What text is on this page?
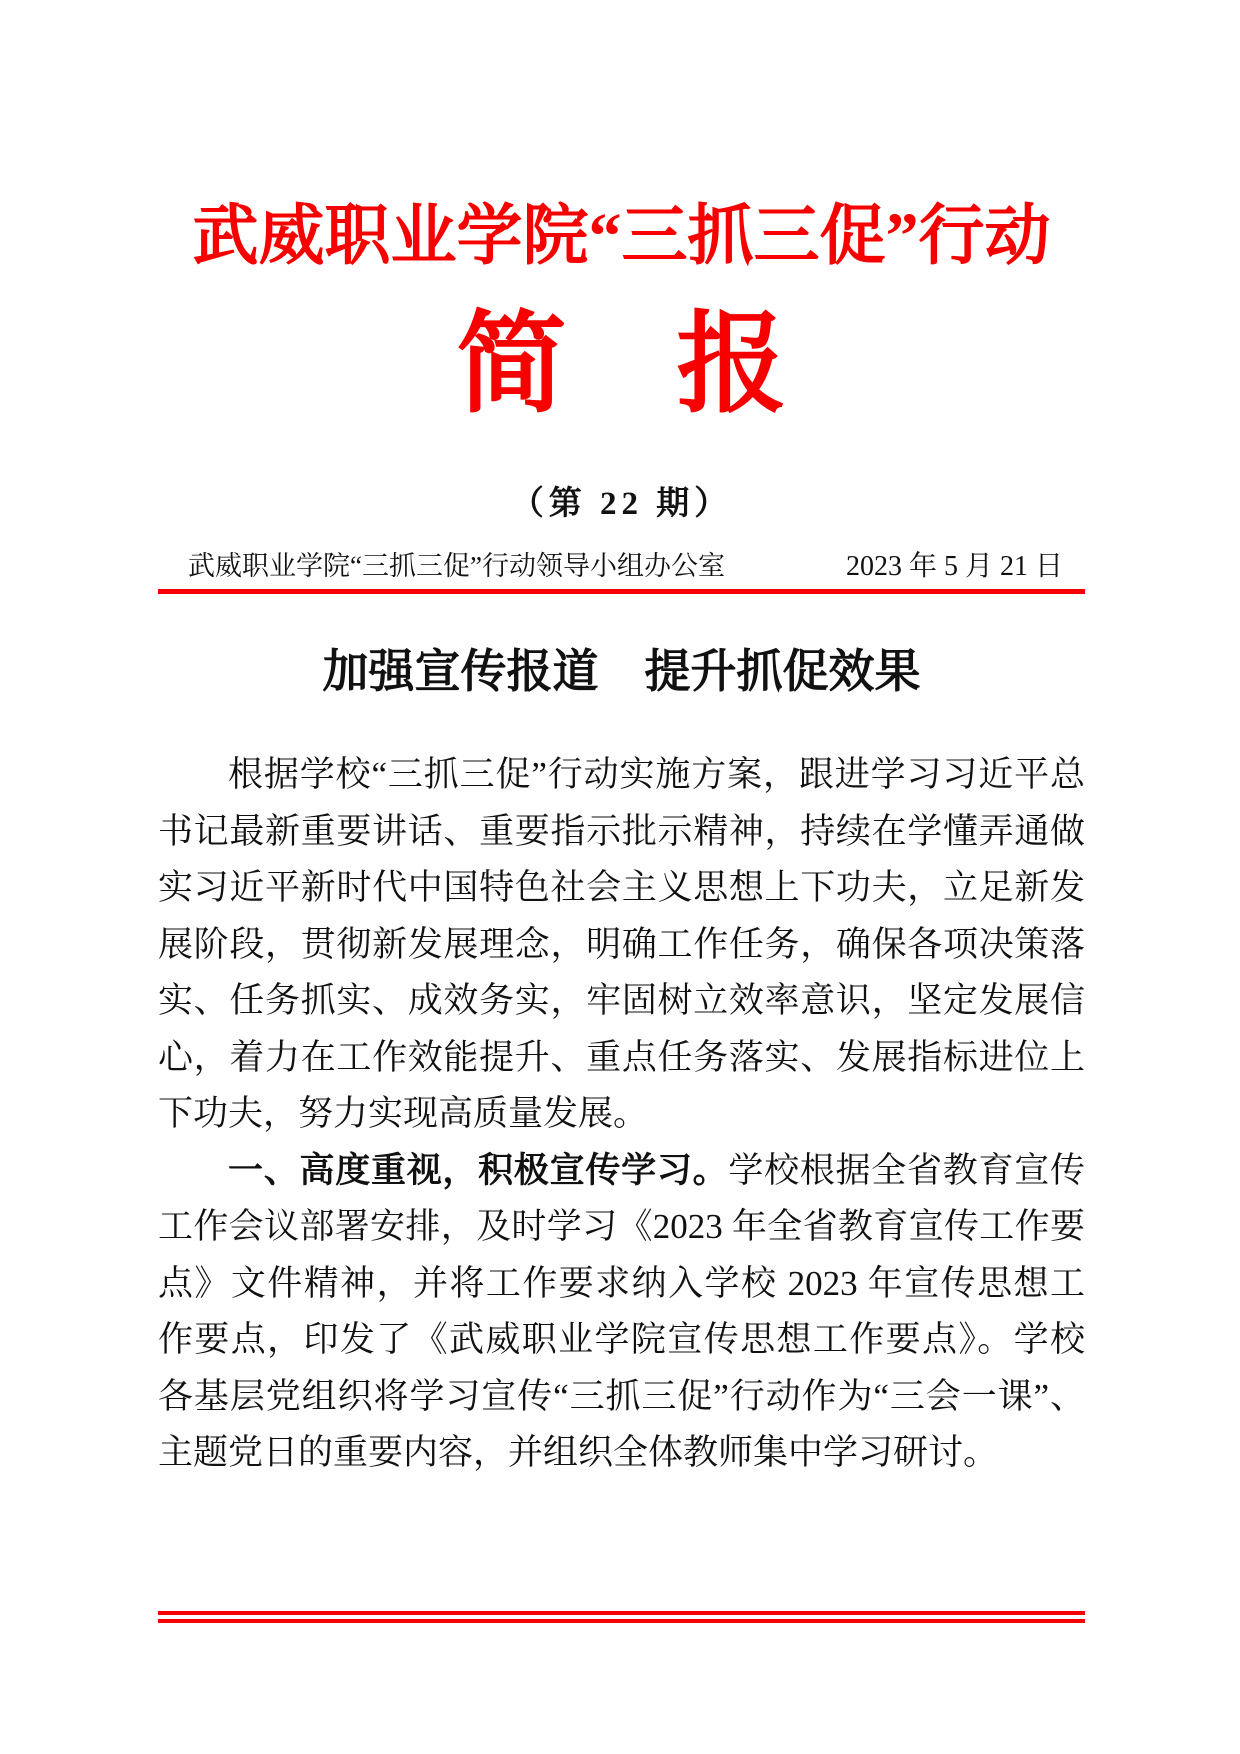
武威职业学院“三抓三促”行动
简　报
（第 22 期）
武威职业学院“三抓三促”行动领导小组办公室	2023 年 5 月 21 日
加强宣传报道　提升抓促效果

根据学校“三抓三促”行动实施方案，跟进学习习近平总书记最新重要讲话、重要指示批示精神，持续在学懂弄通做实习近平新时代中国特色社会主义思想上下功夫，立足新发展阶段，贯彻新发展理念，明确工作任务，确保各项决策落实、任务抓实、成效务实，牢固树立效率意识，坚定发展信心，着力在工作效能提升、重点任务落实、发展指标进位上下功夫，努力实现高质量发展。

一、高度重视，积极宣传学习。学校根据全省教育宣传工作会议部署安排，及时学习《2023 年全省教育宣传工作要点》文件精神，并将工作要求纳入学校 2023 年宣传思想工作要点，印发了《武威职业学院宣传思想工作要点》。学校各基层党组织将学习宣传“三抓三促”行动作为“三会一课”、主题党日的重要内容，并组织全体教师集中学习研讨。
